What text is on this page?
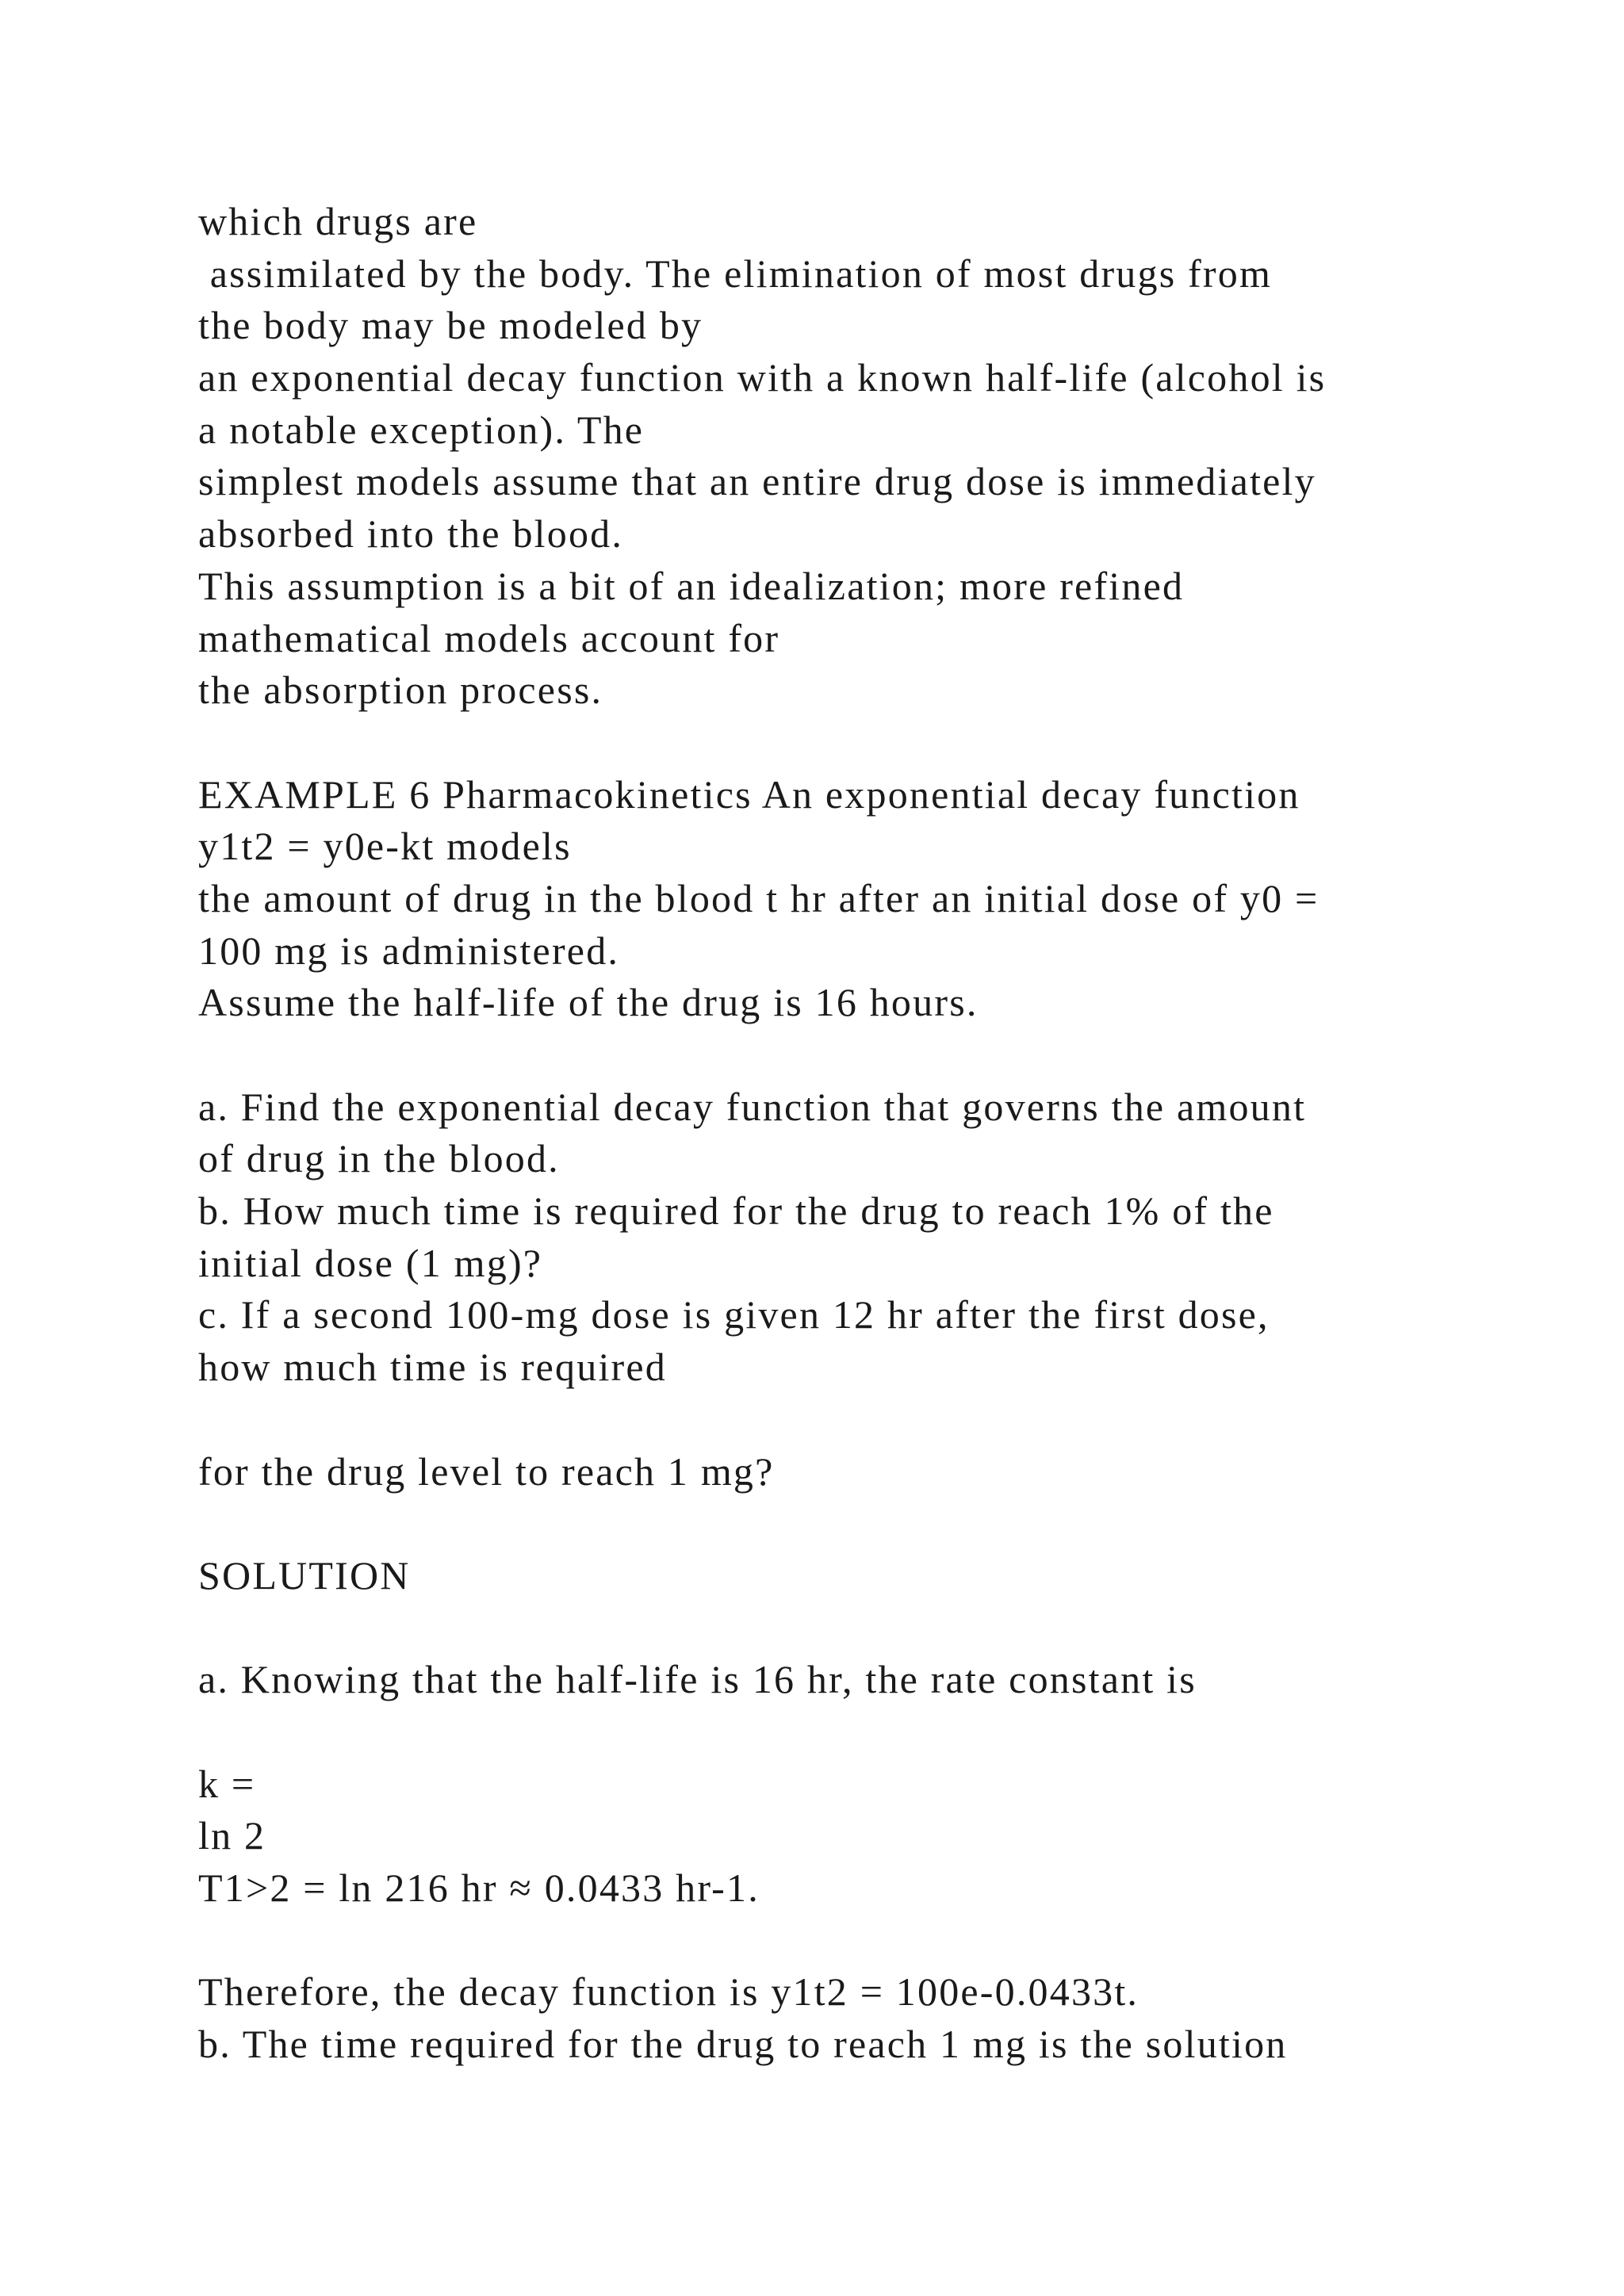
which drugs are
assimilated by the body. The elimination of most drugs from
the body may be modeled by
an exponential decay function with a known half-life (alcohol is
a notable exception). The
simplest models assume that an entire drug dose is immediately
absorbed into the blood.
This assumption is a bit of an idealization; more refined
mathematical models account for
the absorption process.
EXAMPLE 6 Pharmacokinetics An exponential decay function
y1t2 = y0e-kt models
the amount of drug in the blood t hr after an initial dose of y0 =
100 mg is administered.
Assume the half-life of the drug is 16 hours.
a. Find the exponential decay function that governs the amount
of drug in the blood.
b. How much time is required for the drug to reach 1% of the
initial dose (1 mg)?
c. If a second 100-mg dose is given 12 hr after the first dose,
how much time is required
for the drug level to reach 1 mg?
SOLUTION
a. Knowing that the half-life is 16 hr, the rate constant is
k =
ln 2
T1>2 = ln 216 hr ≈ 0.0433 hr-1.
Therefore, the decay function is y1t2 = 100e-0.0433t.
b. The time required for the drug to reach 1 mg is the solution
